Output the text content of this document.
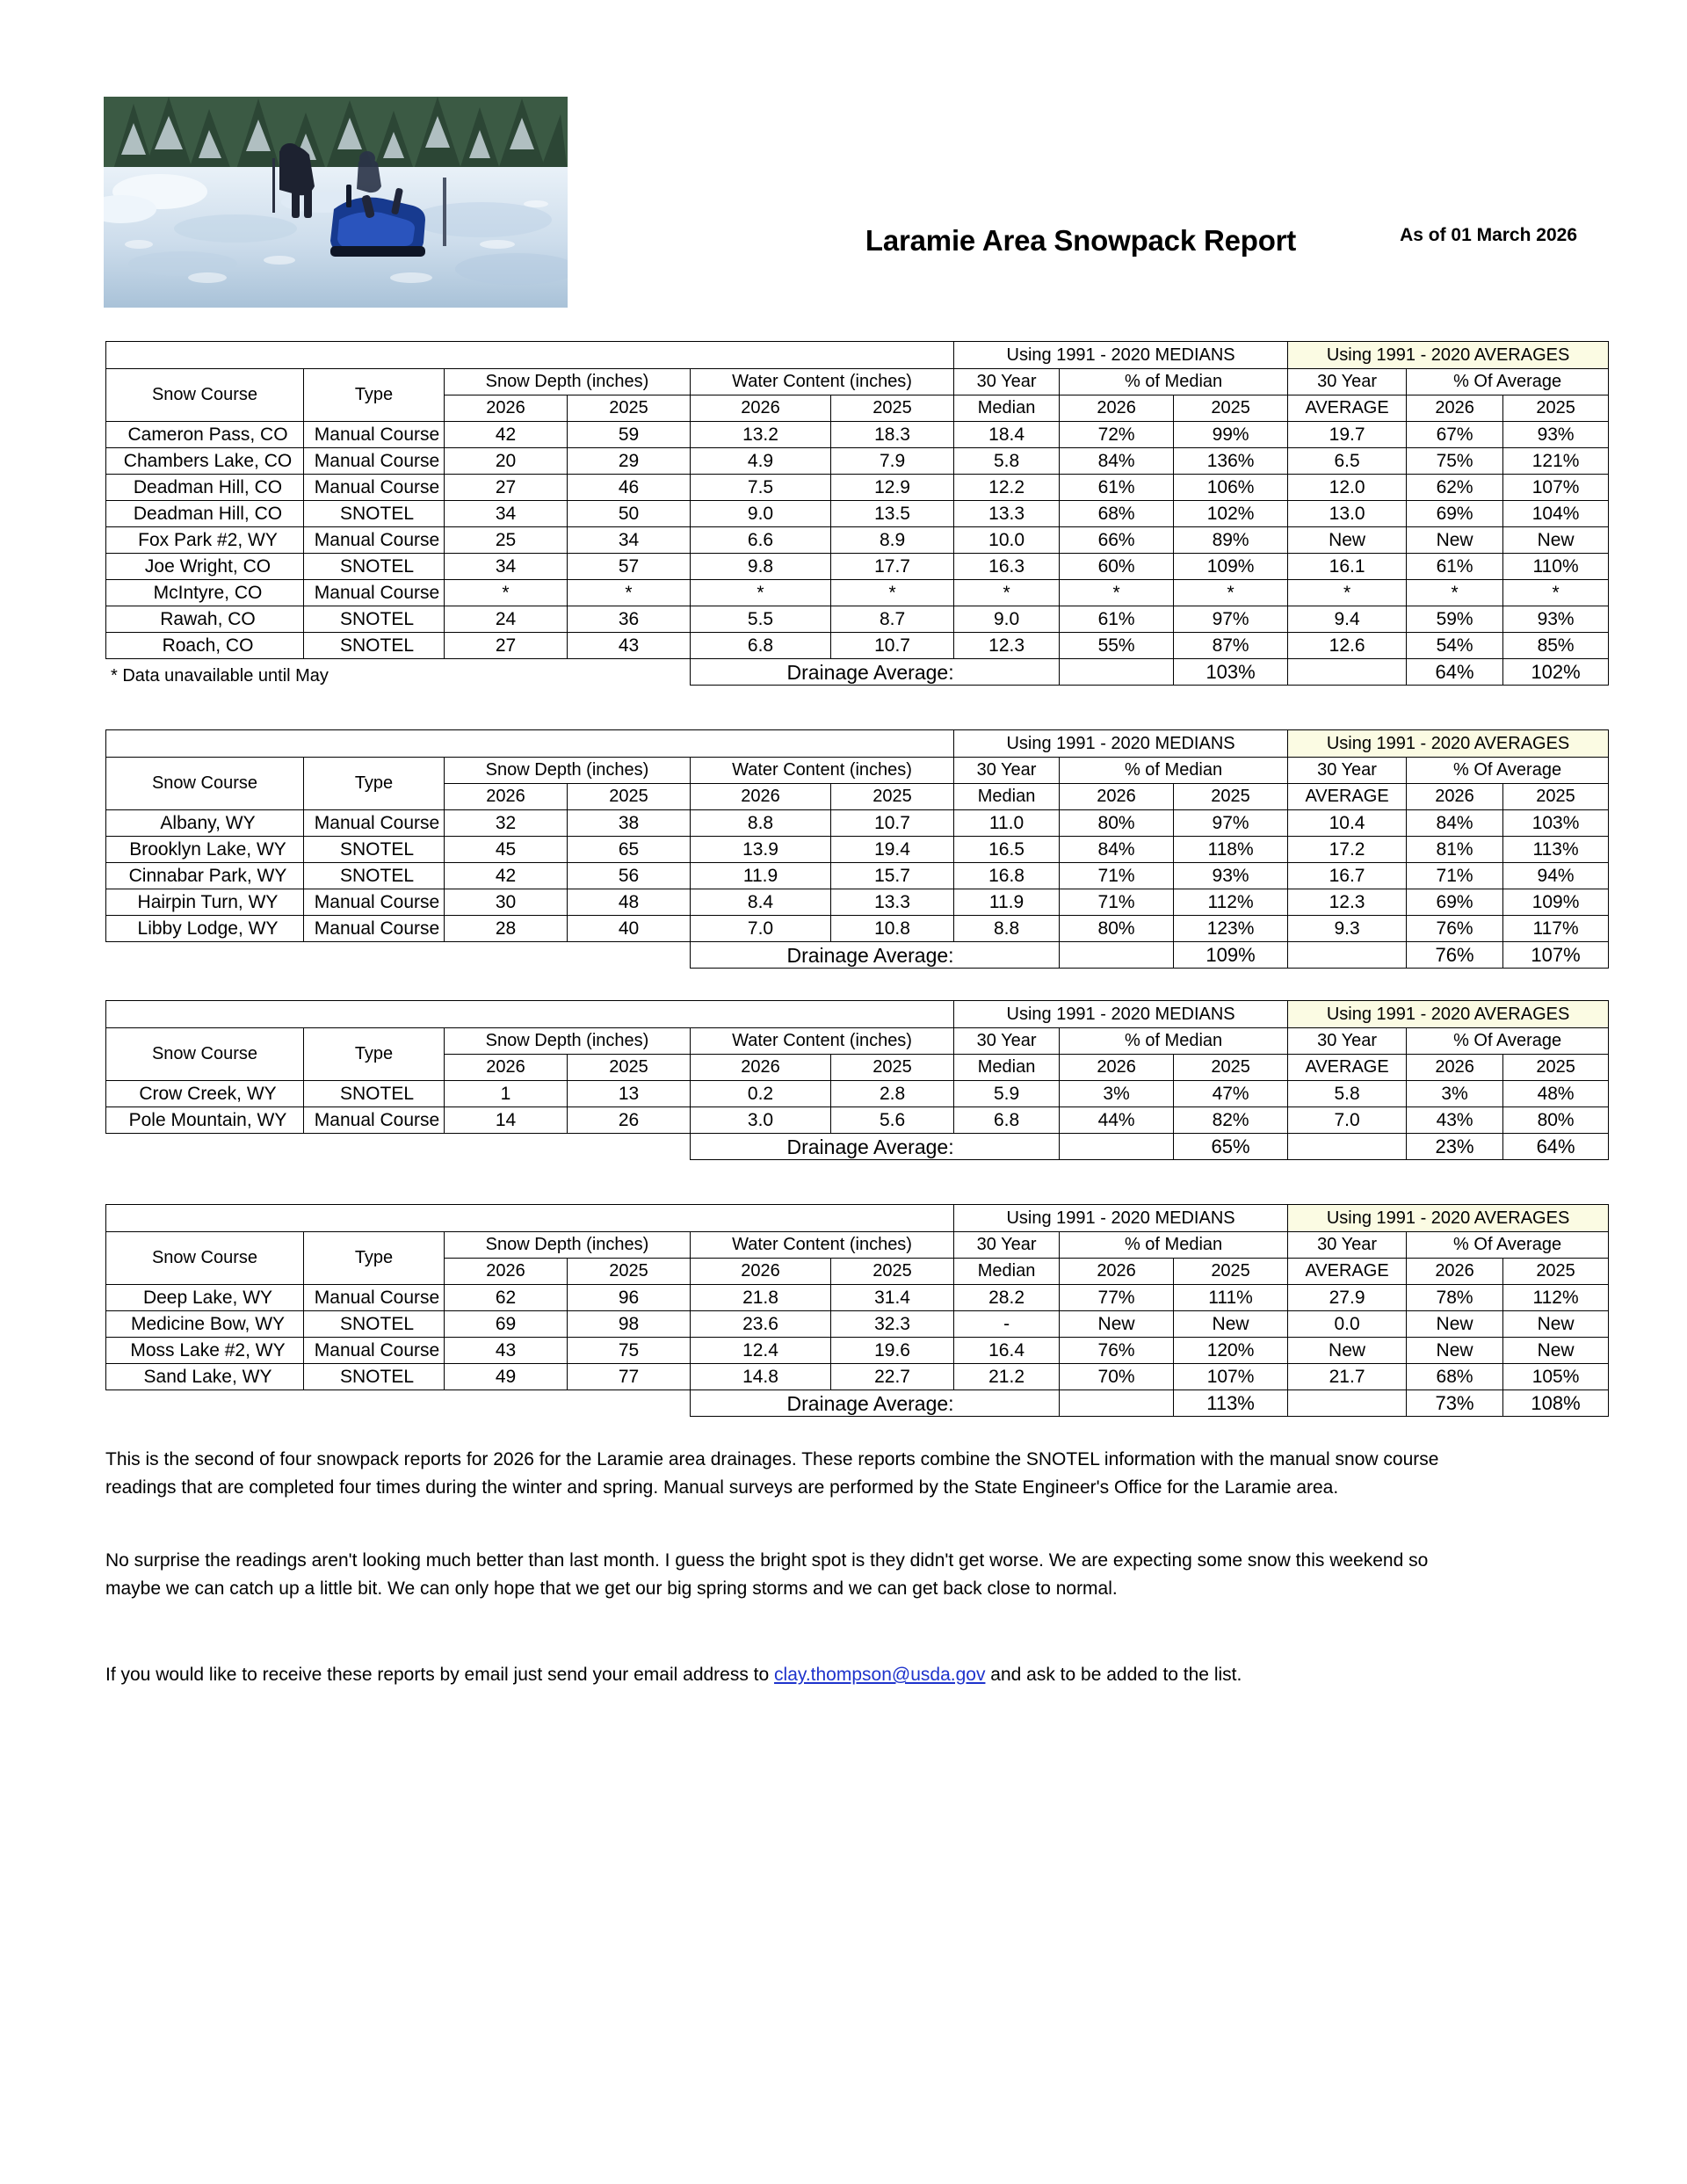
As of 01 March 2026
Laramie Area Snowpack Report
Big Laramie River Drainage						Using 1991 - 2020 MEDIANS			Using 1991 - 2020 AVERAGES		
Snow Course	Type	Snow Depth (inches)		Water Content (inches)		30 Year	% of Median		30 Year	% Of Average	
		2026	2025	2026	2025	Median	2026	2025	AVERAGE	2026	2025
Cameron Pass, CO	Manual Course	42	59	13.2	18.3	18.4	72%	99%	19.7	67%	93%
Chambers Lake, CO	Manual Course	20	29	4.9	7.9	5.8	84%	136%	6.5	75%	121%
Deadman Hill, CO	Manual Course	27	46	7.5	12.9	12.2	61%	106%	12.0	62%	107%
Deadman Hill, CO	SNOTEL	34	50	9.0	13.5	13.3	68%	102%	13.0	69%	104%
Fox Park #2, WY	Manual Course	25	34	6.6	8.9	10.0	66%	89%	New	New	New
Joe Wright, CO	SNOTEL	34	57	9.8	17.7	16.3	60%	109%	16.1	61%	110%
McIntyre, CO	Manual Course	*	*	*	*	*	*	*	*	*	*
Rawah, CO	SNOTEL	24	36	5.5	8.7	9.0	61%	97%	9.4	59%	93%
Roach, CO	SNOTEL	27	43	6.8	10.7	12.3	55%	87%	12.6	54%	85%
				Drainage Average:			66%	103%		64%	102%
* Data unavailable until May
Little Laramie River Drainage						Using 1991 - 2020 MEDIANS			Using 1991 - 2020 AVERAGES		
Snow Course	Type	Snow Depth (inches)		Water Content (inches)		30 Year	% of Median		30 Year	% Of Average	
		2026	2025	2026	2025	Median	2026	2025	AVERAGE	2026	2025
Albany, WY	Manual Course	32	38	8.8	10.7	11.0	80%	97%	10.4	84%	103%
Brooklyn Lake, WY	SNOTEL	45	65	13.9	19.4	16.5	84%	118%	17.2	81%	113%
Cinnabar Park, WY	SNOTEL	42	56	11.9	15.7	16.8	71%	93%	16.7	71%	94%
Hairpin Turn, WY	Manual Course	30	48	8.4	13.3	11.9	71%	112%	12.3	69%	109%
Libby Lodge, WY	Manual Course	28	40	7.0	10.8	8.8	80%	123%	9.3	76%	117%
				Drainage Average:			77%	109%		76%	107%
Crow Creek Drainage						Using 1991 - 2020 MEDIANS			Using 1991 - 2020 AVERAGES		
Snow Course	Type	Snow Depth (inches)		Water Content (inches)		30 Year	% of Median		30 Year	% Of Average	
		2026	2025	2026	2025	Median	2026	2025	AVERAGE	2026	2025
Crow Creek, WY	SNOTEL	1	13	0.2	2.8	5.9	3%	47%	5.8	3%	48%
Pole Mountain, WY	Manual Course	14	26	3.0	5.6	6.8	44%	82%	7.0	43%	80%
				Drainage Average:			24%	65%		23%	64%
Medicine Bow River Drainage						Using 1991 - 2020 MEDIANS			Using 1991 - 2020 AVERAGES		
Snow Course	Type	Snow Depth (inches)		Water Content (inches)		30 Year	% of Median		30 Year	% Of Average	
		2026	2025	2026	2025	Median	2026	2025	AVERAGE	2026	2025
Deep Lake, WY	Manual Course	62	96	21.8	31.4	28.2	77%	111%	27.9	78%	112%
Medicine Bow, WY	SNOTEL	69	98	23.6	32.3	-	New	New	0.0	New	New
Moss Lake #2, WY	Manual Course	43	75	12.4	19.6	16.4	76%	120%	New	New	New
Sand Lake, WY	SNOTEL	49	77	14.8	22.7	21.2	70%	107%	21.7	68%	105%
				Drainage Average:			74%	113%		73%	108%
This is the second of four snowpack reports for 2026 for the Laramie area drainages. These reports combine the SNOTEL information with the manual snow course readings that are completed four times during the winter and spring. Manual surveys are performed by the State Engineer's Office for the Laramie area.
No surprise the readings aren't looking much better than last month. I guess the bright spot is they didn't get worse. We are expecting some snow this weekend so maybe we can catch up a little bit. We can only hope that we get our big spring storms and we can get back close to normal.
If you would like to receive these reports by email just send your email address to clay.thompson@usda.gov and ask to be added to the list.
